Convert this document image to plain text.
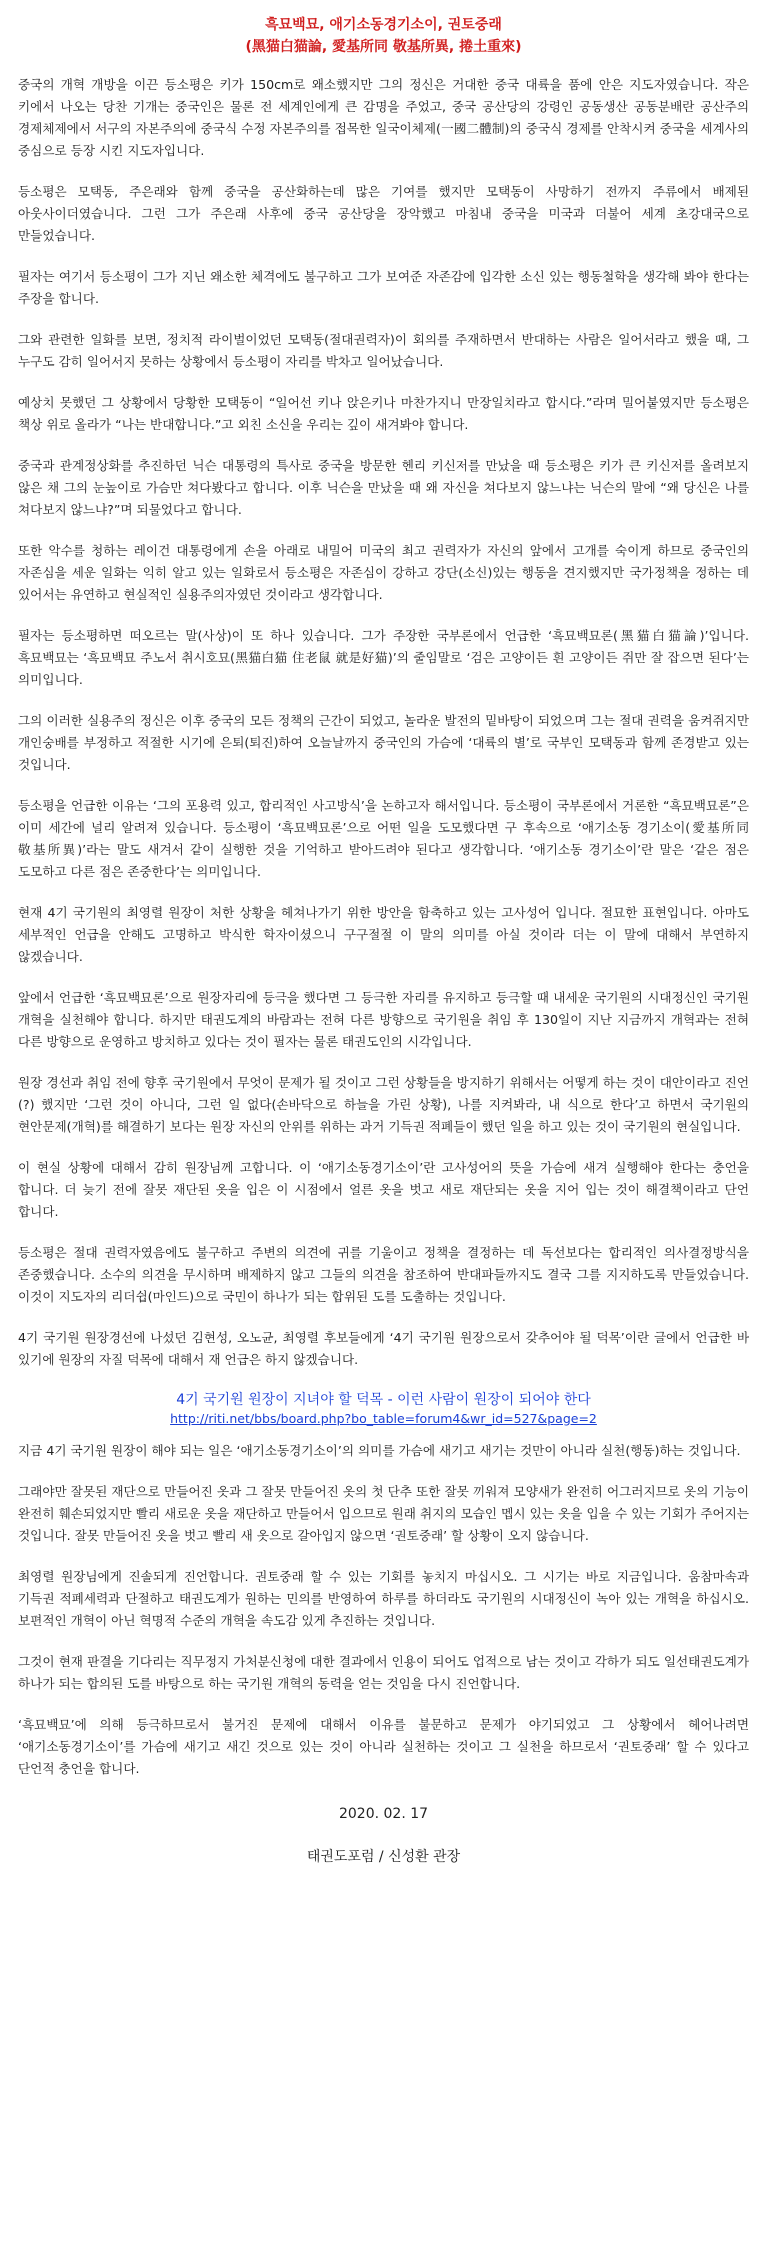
흑묘백묘, 애기소동경기소이, 권토중래
(黑猫白猫論, 愛基所同 敬基所異, 捲土重來)

중국의 개혁 개방을 이끈 등소평은 키가 150cm로 왜소했지만 그의 정신은 거대한 중국 대륙을 품에 안은 지도자였습니다. 작은 키에서 나오는 당찬 기개는 중국인은 물론 전 세계인에게 큰 감명을 주었고, 중국 공산당의 강령인 공동생산 공동분배란 공산주의 경제체제에서 서구의 자본주의에 중국식 수정 자본주의를 접목한 일국이체제(一國二體制)의 중국식 경제를 안착시켜 중국을 세계사의 중심으로 등장 시킨 지도자입니다.

등소평은 모택동, 주은래와 함께 중국을 공산화하는데 많은 기여를 했지만 모택동이 사망하기 전까지 주류에서 배제된 아웃사이더였습니다. 그런 그가 주은래 사후에 중국 공산당을 장악했고 마침내 중국을 미국과 더불어 세계 초강대국으로 만들었습니다.

필자는 여기서 등소평이 그가 지닌 왜소한 체격에도 불구하고 그가 보여준 자존감에 입각한 소신 있는 행동철학을 생각해 봐야 한다는 주장을 합니다.

그와 관련한 일화를 보면, 정치적 라이벌이었던 모택동(절대권력자)이 회의를 주재하면서 반대하는 사람은 일어서라고 했을 때, 그 누구도 감히 일어서지 못하는 상황에서 등소평이 자리를 박차고 일어났습니다.

예상치 못했던 그 상황에서 당황한 모택동이 “일어선 키나 앉은키나 마찬가지니 만장일치라고 합시다.”라며 밀어붙였지만 등소평은 책상 위로 올라가 “나는 반대합니다.”고 외친 소신을 우리는 깊이 새겨봐야 합니다.

중국과 관계정상화를 추진하던 닉슨 대통령의 특사로 중국을 방문한 헨리 키신저를 만났을 때 등소평은 키가 큰 키신저를 올려보지 않은 채 그의 눈높이로 가슴만 쳐다봤다고 합니다. 이후 닉슨을 만났을 때 왜 자신을 쳐다보지 않느냐는 닉슨의 말에 “왜 당신은 나를 쳐다보지 않느냐?”며 되물었다고 합니다.

또한 악수를 청하는 레이건 대통령에게 손을 아래로 내밀어 미국의 최고 권력자가 자신의 앞에서 고개를 숙이게 하므로 중국인의 자존심을 세운 일화는 익히 알고 있는 일화로서 등소평은 자존심이 강하고 강단(소신)있는 행동을 견지했지만 국가정책을 정하는 데 있어서는 유연하고 현실적인 실용주의자였던 것이라고 생각합니다.

필자는 등소평하면 떠오르는 말(사상)이 또 하나 있습니다. 그가 주장한 국부론에서 언급한 ‘흑묘백묘론(黑猫白猫論)’입니다. 흑묘백묘는 ‘흑묘백묘 주노서 취시호묘(黑猫白猫 住老鼠 就是好猫)’의 줄임말로 ‘검은 고양이든 흰 고양이든 쥐만 잘 잡으면 된다’는 의미입니다.

그의 이러한 실용주의 정신은 이후 중국의 모든 정책의 근간이 되었고, 놀라운 발전의 밑바탕이 되었으며 그는 절대 권력을 움켜쥐지만 개인숭배를 부정하고 적절한 시기에 은퇴(퇴진)하여 오늘날까지 중국인의 가슴에 ‘대륙의 별’로 국부인 모택동과 함께 존경받고 있는 것입니다.

등소평을 언급한 이유는 ‘그의 포용력 있고, 합리적인 사고방식’을 논하고자 해서입니다. 등소평이 국부론에서 거론한 “흑묘백묘론”은 이미 세간에 널리 알려져 있습니다. 등소평이 ‘흑묘백묘론’으로 어떤 일을 도모했다면 구 후속으로 ‘애기소동 경기소이(愛基所同 敬基所異)’라는 말도 새겨서 같이 실행한 것을 기억하고 받아드려야 된다고 생각합니다. ‘애기소동 경기소이’란 말은 ‘같은 점은 도모하고 다른 점은 존중한다’는 의미입니다.

현재 4기 국기원의 최영렬 원장이 처한 상황을 헤쳐나가기 위한 방안을 함축하고 있는 고사성어 입니다. 절묘한 표현입니다. 아마도 세부적인 언급을 안해도 고명하고 박식한 학자이셨으니 구구절절 이 말의 의미를 아실 것이라 더는 이 말에 대해서 부연하지 않겠습니다.

앞에서 언급한 ‘흑묘백묘론’으로 원장자리에 등극을 했다면 그 등극한 자리를 유지하고 등극할 때 내세운 국기원의 시대정신인 국기원 개혁을 실천해야 합니다. 하지만 태권도계의 바람과는 전혀 다른 방향으로 국기원을 취임 후 130일이 지난 지금까지 개혁과는 전혀 다른 방향으로 운영하고 방치하고 있다는 것이 필자는 물론 태권도인의 시각입니다.

원장 경선과 취임 전에 향후 국기원에서 무엇이 문제가 될 것이고 그런 상황들을 방지하기 위해서는 어떻게 하는 것이 대안이라고 진언(?) 했지만 ‘그런 것이 아니다, 그런 일 없다(손바닥으로 하늘을 가린 상황), 나를 지켜봐라, 내 식으로 한다’고 하면서 국기원의 현안문제(개혁)를 해결하기 보다는 원장 자신의 안위를 위하는 과거 기득권 적폐들이 했던 일을 하고 있는 것이 국기원의 현실입니다.

이 현실 상황에 대해서 감히 원장님께 고합니다. 이 ‘애기소동경기소이’란 고사성어의 뜻을 가슴에 새겨 실행해야 한다는 충언을 합니다. 더 늦기 전에 잘못 재단된 옷을 입은 이 시점에서 얼른 옷을 벗고 새로 재단되는 옷을 지어 입는 것이 해결책이라고 단언 합니다.

등소평은 절대 권력자였음에도 불구하고 주변의 의견에 귀를 기울이고 정책을 결정하는 데 독선보다는 합리적인 의사결정방식을 존중했습니다. 소수의 의견을 무시하며 배제하지 않고 그들의 의견을 참조하여 반대파들까지도 결국 그를 지지하도록 만들었습니다. 이것이 지도자의 리더쉽(마인드)으로 국민이 하나가 되는 합위된 도를 도출하는 것입니다.

4기 국기원 원장경선에 나섰던 김현성, 오노균, 최영렬 후보들에게 ‘4기 국기원 원장으로서 갖추어야 될 덕목’이란 글에서 언급한 바 있기에 원장의 자질 덕목에 대해서 재 언급은 하지 않겠습니다.

4기 국기원 원장이 지녀야 할 덕목 - 이런 사람이 원장이 되어야 한다
http://riti.net/bbs/board.php?bo_table=forum4&wr_id=527&page=2

지금 4기 국기원 원장이 해야 되는 일은 ‘애기소동경기소이’의 의미를 가슴에 새기고 새기는 것만이 아니라 실천(행동)하는 것입니다.

그래야만 잘못된 재단으로 만들어진 옷과 그 잘못 만들어진 옷의 첫 단추 또한 잘못 끼워져 모양새가 완전히 어그러지므로 옷의 기능이 완전히 훼손되었지만 빨리 새로운 옷을 재단하고 만들어서 입으므로 원래 취지의 모습인 멥시 있는 옷을 입을 수 있는 기회가 주어지는 것입니다. 잘못 만들어진 옷을 벗고 빨리 새 옷으로 갈아입지 않으면 ‘권토중래’ 할 상황이 오지 않습니다.

최영렬 원장님에게 진솔되게 진언합니다. 권토중래 할 수 있는 기회를 놓치지 마십시오. 그 시기는 바로 지금입니다. 움참마속과 기득권 적폐세력과 단절하고 태권도계가 원하는 민의를 반영하여 하루를 하더라도 국기원의 시대정신이 녹아 있는 개혁을 하십시오. 보편적인 개혁이 아닌 혁명적 수준의 개혁을 속도감 있게 추진하는 것입니다.

그것이 현재 판결을 기다리는 직무정지 가처분신청에 대한 결과에서 인용이 되어도 업적으로 남는 것이고 각하가 되도 일선태권도계가 하나가 되는 합의된 도를 바탕으로 하는 국기원 개혁의 동력을 얻는 것임을 다시 진언합니다.

‘흑묘백묘’에 의해 등극하므로서 불거진 문제에 대해서 이유를 불문하고 문제가 야기되었고 그 상황에서 헤어나려면 ‘애기소동경기소이’를 가슴에 새기고 새긴 것으로 있는 것이 아니라 실천하는 것이고 그 실천을 하므로서 ‘권토중래’ 할 수 있다고 단언적 충언을 합니다.

2020. 02. 17
태권도포럼 / 신성환 관장
